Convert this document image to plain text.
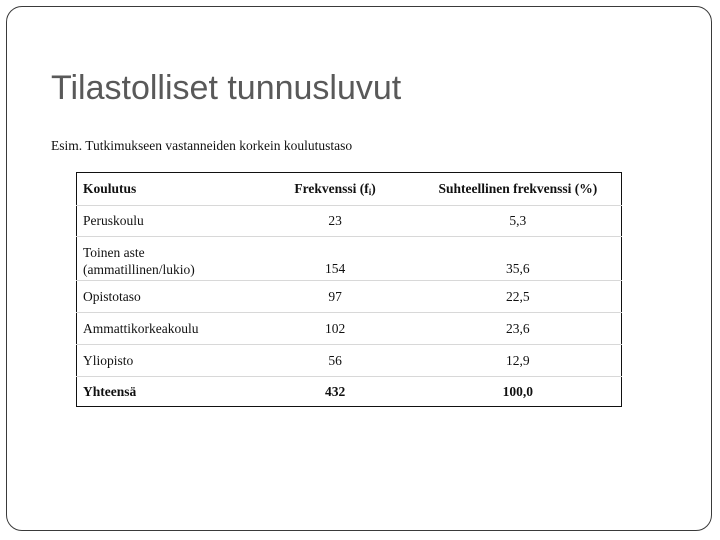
Tilastolliset tunnusluvut
Esim. Tutkimukseen vastanneiden korkein koulutustaso
Koulutus	Frekvenssi $(f_i)$	Suhteellinen frekvenssi (%)
Peruskoulu	23	5,3
Toinen aste (ammatillinen/lukio)	154	35,6
Opistotaso	97	22,5
Ammattikorkeakoulu	102	23,6
Yliopisto	56	12,9
Yhteensä	432	100,0
